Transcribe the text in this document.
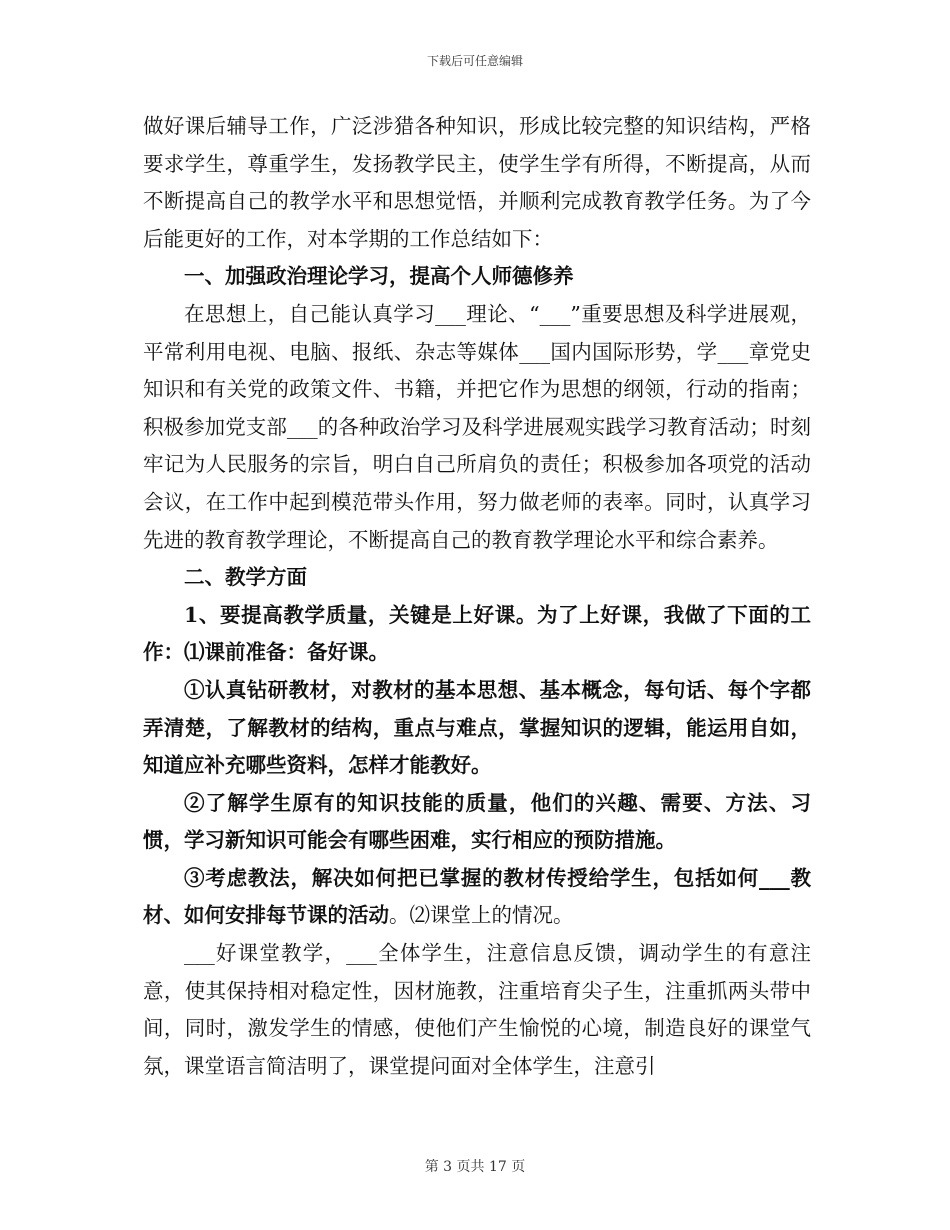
下载后可任意编辑

做好课后辅导工作，广泛涉猎各种知识，形成比较完整的知识结构，严格要求学生，尊重学生，发扬教学民主，使学生学有所得，不断提高，从而不断提高自己的教学水平和思想觉悟，并顺利完成教育教学任务。为了今后能更好的工作，对本学期的工作总结如下：

一、加强政治理论学习，提高个人师德修养

在思想上，自己能认真学习___理论、“___”重要思想及科学进展观，平常利用电视、电脑、报纸、杂志等媒体___国内国际形势，学___章党史知识和有关党的政策文件、书籍，并把它作为思想的纲领，行动的指南；积极参加党支部___的各种政治学习及科学进展观实践学习教育活动；时刻牢记为人民服务的宗旨，明白自己所肩负的责任；积极参加各项党的活动会议，在工作中起到模范带头作用，努力做老师的表率。同时，认真学习先进的教育教学理论，不断提高自己的教育教学理论水平和综合素养。

二、教学方面

1、要提高教学质量，关键是上好课。为了上好课，我做了下面的工作：⑴课前准备：备好课。

①认真钻研教材，对教材的基本思想、基本概念，每句话、每个字都弄清楚，了解教材的结构，重点与难点，掌握知识的逻辑，能运用自如，知道应补充哪些资料，怎样才能教好。

②了解学生原有的知识技能的质量，他们的兴趣、需要、方法、习惯，学习新知识可能会有哪些困难，实行相应的预防措施。

③考虑教法，解决如何把已掌握的教材传授给学生，包括如何___教材、如何安排每节课的活动。⑵课堂上的情况。

___好课堂教学，___全体学生，注意信息反馈，调动学生的有意注意，使其保持相对稳定性，因材施教，注重培育尖子生，注重抓两头带中间，同时，激发学生的情感，使他们产生愉悦的心境，制造良好的课堂气氛，课堂语言简洁明了，课堂提问面对全体学生，注意引

第 3 页共 17 页
